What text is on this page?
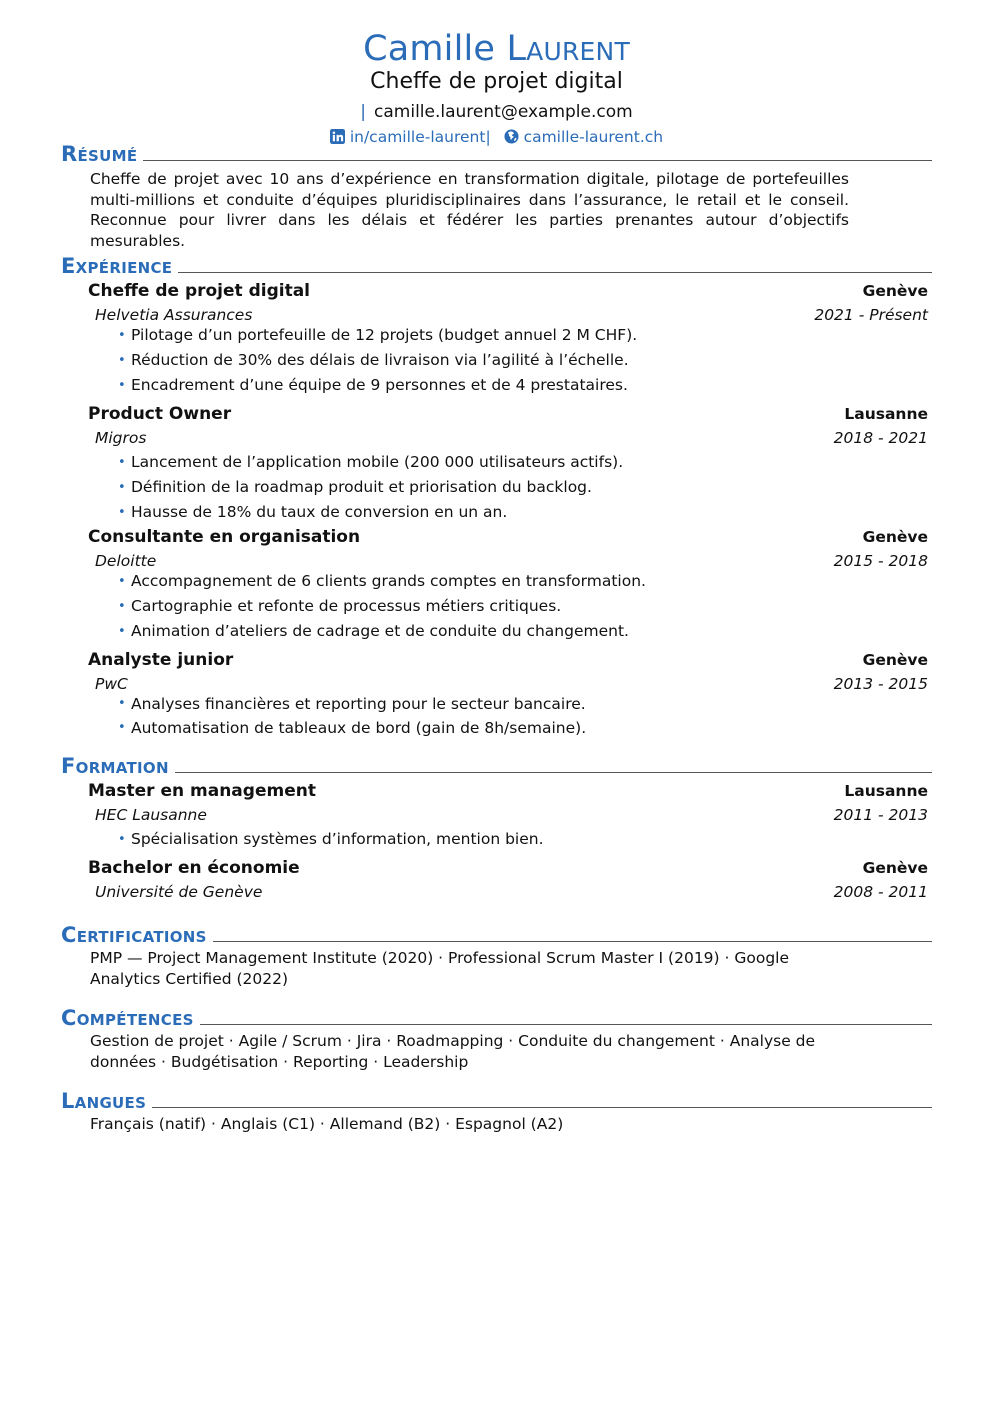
Camille Laurent
Cheffe de projet digital
| camille.laurent@example.com
in/camille-laurent| camille-laurent.ch
Résumé
Cheffe de projet avec 10 ans d’expérience en transformation digitale, pilotage de portefeuilles multi-millions et conduite d’équipes pluridisciplinaires dans l’assurance, le retail et le conseil. Reconnue pour livrer dans les délais et fédérer les parties prenantes autour d’objectifs mesurables.
Expérience
Cheffe de projet digital	Genève
Helvetia Assurances	2021 - Présent
• Pilotage d’un portefeuille de 12 projets (budget annuel 2 M CHF).
• Réduction de 30% des délais de livraison via l’agilité à l’échelle.
• Encadrement d’une équipe de 9 personnes et de 4 prestataires.
Product Owner	Lausanne
Migros	2018 - 2021
• Lancement de l’application mobile (200 000 utilisateurs actifs).
• Définition de la roadmap produit et priorisation du backlog.
• Hausse de 18% du taux de conversion en un an.
Consultante en organisation	Genève
Deloitte	2015 - 2018
• Accompagnement de 6 clients grands comptes en transformation.
• Cartographie et refonte de processus métiers critiques.
• Animation d’ateliers de cadrage et de conduite du changement.
Analyste junior	Genève
PwC	2013 - 2015
• Analyses financières et reporting pour le secteur bancaire.
• Automatisation de tableaux de bord (gain de 8h/semaine).
Formation
Master en management	Lausanne
HEC Lausanne	2011 - 2013
• Spécialisation systèmes d’information, mention bien.
Bachelor en économie	Genève
Université de Genève	2008 - 2011
Certifications
PMP — Project Management Institute (2020) · Professional Scrum Master I (2019) · Google Analytics Certified (2022)
Compétences
Gestion de projet · Agile / Scrum · Jira · Roadmapping · Conduite du changement · Analyse de données · Budgétisation · Reporting · Leadership
Langues
Français (natif) · Anglais (C1) · Allemand (B2) · Espagnol (A2)
